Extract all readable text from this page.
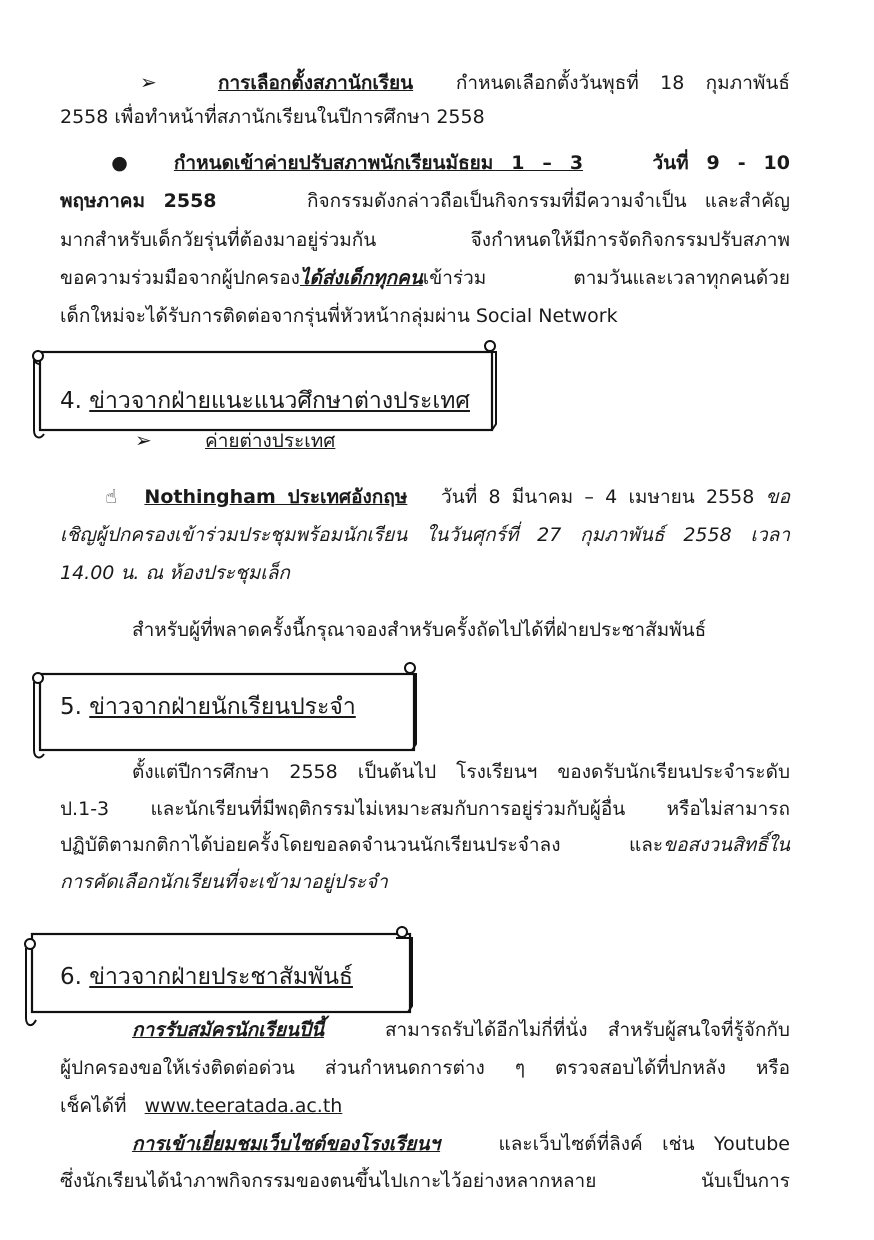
➢	การเลือกตั้งสภานักเรียน กำหนดเลือกตั้งวันพุธที่ 18 กุมภาพันธ์
2558 เพื่อทำหน้าที่สภานักเรียนในปีการศึกษา 2558
● กำหนดเข้าค่ายปรับสภาพนักเรียนมัธยม 1 – 3	วันที่ 9 - 10
พฤษภาคม 2558	กิจกรรมดังกล่าวถือเป็นกิจกรรมที่มีความจำเป็น และสำคัญ
มากสำหรับเด็กวัยรุ่นที่ต้องมาอยู่ร่วมกัน จึงกำหนดให้มีการจัดกิจกรรมปรับสภาพ
ขอความร่วมมือจากผู้ปกครองได้ส่งเด็กทุกคนเข้าร่วม ตามวันและเวลาทุกคนด้วย
เด็กใหม่จะได้รับการติดต่อจากรุ่นพี่หัวหน้ากลุ่มผ่าน Social Network
4. ข่าวจากฝ่ายแนะแนวศึกษาต่างประเทศ
➢	ค่ายต่างประเทศ
☝ Nothingham ประเทศอังกฤษ วันที่ 8 มีนาคม – 4 เมษายน 2558 ขอ
เชิญผู้ปกครองเข้าร่วมประชุมพร้อมนักเรียน ในวันศุกร์ที่ 27 กุมภาพันธ์ 2558 เวลา
14.00 น. ณ ห้องประชุมเล็ก
สำหรับผู้ที่พลาดครั้งนี้กรุณาจองสำหรับครั้งถัดไปได้ที่ฝ่ายประชาสัมพันธ์
5. ข่าวจากฝ่ายนักเรียนประจำ
ตั้งแต่ปีการศึกษา 2558 เป็นต้นไป โรงเรียนฯ ของดรับนักเรียนประจำระดับ
ป.1-3 และนักเรียนที่มีพฤติกรรมไม่เหมาะสมกับการอยู่ร่วมกับผู้อื่น หรือไม่สามารถ
ปฏิบัติตามกติกาได้บ่อยครั้งโดยขอลดจำนวนนักเรียนประจำลง และขอสงวนสิทธิ์ใน
การคัดเลือกนักเรียนที่จะเข้ามาอยู่ประจำ
6. ข่าวจากฝ่ายประชาสัมพันธ์
การรับสมัครนักเรียนปีนี้	สามารถรับได้อีกไม่กี่ที่นั่ง สำหรับผู้สนใจที่รู้จักกับ
ผู้ปกครองขอให้เร่งติดต่อด่วน ส่วนกำหนดการต่าง ๆ ตรวจสอบได้ที่ปกหลัง หรือ
เช็คได้ที่ www.teeratada.ac.th
การเข้าเยี่ยมชมเว็บไซต์ของโรงเรียนฯ	และเว็บไซต์ที่ลิงค์ เช่น Youtube
ซึ่งนักเรียนได้นำภาพกิจกรรมของตนขึ้นไปเกาะไว้อย่างหลากหลาย นับเป็นการ
